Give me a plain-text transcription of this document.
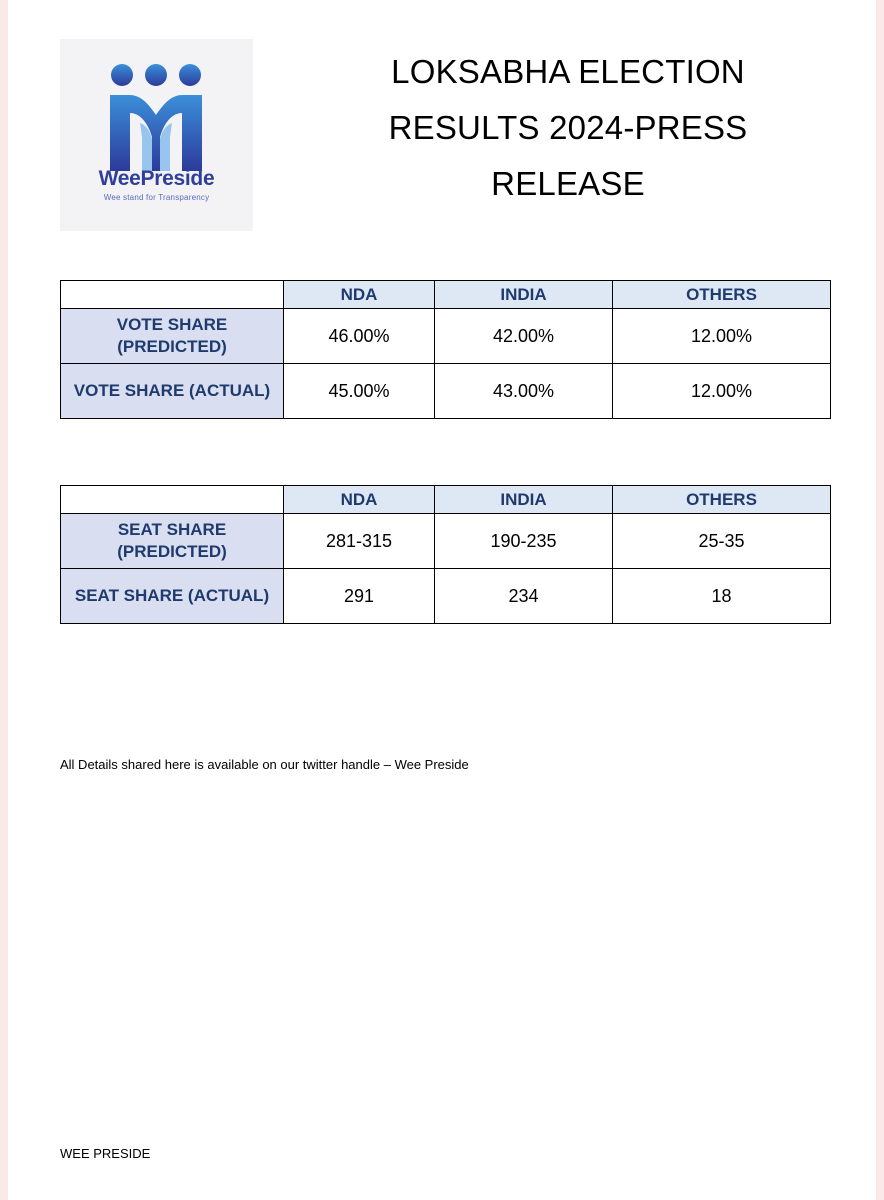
WeePreside
Wee stand for Transparency
LOKSABHA ELECTION
RESULTS 2024-PRESS
RELEASE
	NDA	INDIA	OTHERS

VOTE SHARE (PREDICTED)	46.00%	42.00%	12.00%
VOTE SHARE (ACTUAL)	45.00%	43.00%	12.00%
	NDA	INDIA	OTHERS

SEAT SHARE (PREDICTED)	281-315	190-235	25-35
SEAT SHARE (ACTUAL)	291	234	18
All Details shared here is available on our twitter handle – Wee Preside
WEE PRESIDE
